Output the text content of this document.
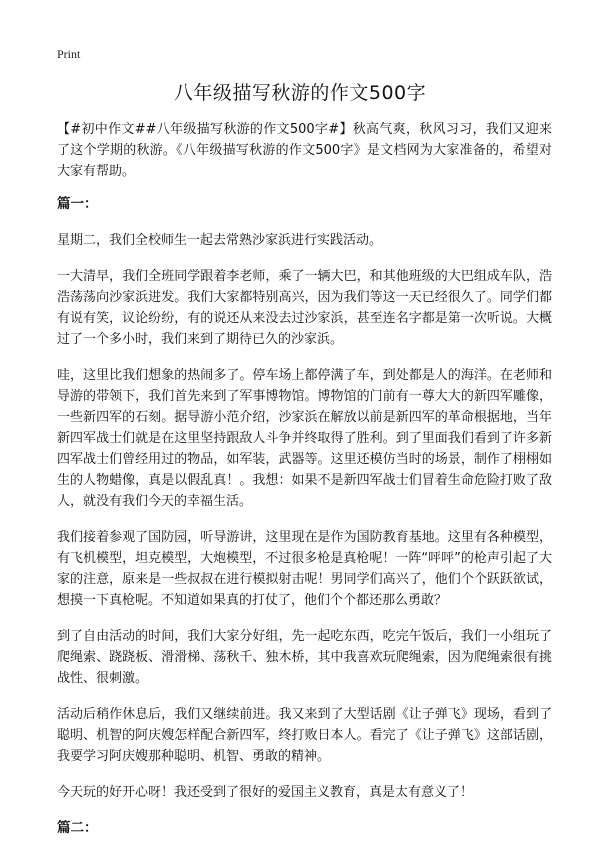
Print
八年级描写秋游的作文500字

【#初中作文##八年级描写秋游的作文500字#】秋高气爽，秋风习习，我们又迎来了这个学期的秋游。《八年级描写秋游的作文500字》是文档网为大家准备的，希望对大家有帮助。

篇一：

星期二，我们全校师生一起去常熟沙家浜进行实践活动。

一大清早，我们全班同学跟着李老师，乘了一辆大巴，和其他班级的大巴组成车队，浩浩荡荡向沙家浜进发。我们大家都特别高兴，因为我们等这一天已经很久了。同学们都有说有笑，议论纷纷，有的说还从来没去过沙家浜，甚至连名字都是第一次听说。大概过了一个多小时，我们来到了期待已久的沙家浜。

哇，这里比我们想象的热闹多了。停车场上都停满了车，到处都是人的海洋。在老师和导游的带领下，我们首先来到了军事博物馆。博物馆的门前有一尊大大的新四军雕像，一些新四军的石刻。据导游小范介绍，沙家浜在解放以前是新四军的革命根据地，当年新四军战士们就是在这里坚持跟敌人斗争并终取得了胜利。到了里面我们看到了许多新四军战士们曾经用过的物品，如军装，武器等。这里还模仿当时的场景，制作了栩栩如生的人物蜡像，真是以假乱真！。我想：如果不是新四军战士们冒着生命危险打败了敌人，就没有我们今天的幸福生活。

我们接着参观了国防园，听导游讲，这里现在是作为国防教育基地。这里有各种模型，有飞机模型，坦克模型，大炮模型，不过很多枪是真枪呢！一阵“呯呯”的枪声引起了大家的注意，原来是一些叔叔在进行模拟射击呢！男同学们高兴了，他们个个跃跃欲试，想摸一下真枪呢。不知道如果真的打仗了，他们个个都还那么勇敢？

到了自由活动的时间，我们大家分好组，先一起吃东西，吃完午饭后，我们一小组玩了爬绳索、跷跷板、滑滑梯、荡秋千、独木桥，其中我喜欢玩爬绳索，因为爬绳索很有挑战性、很刺激。

活动后稍作休息后，我们又继续前进。我又来到了大型话剧《让子弹飞》现场，看到了聪明、机智的阿庆嫂怎样配合新四军，终打败日本人。看完了《让子弹飞》这部话剧，我要学习阿庆嫂那种聪明、机智、勇敢的精神。

今天玩的好开心呀！我还受到了很好的爱国主义教育，真是太有意义了！

篇二：
